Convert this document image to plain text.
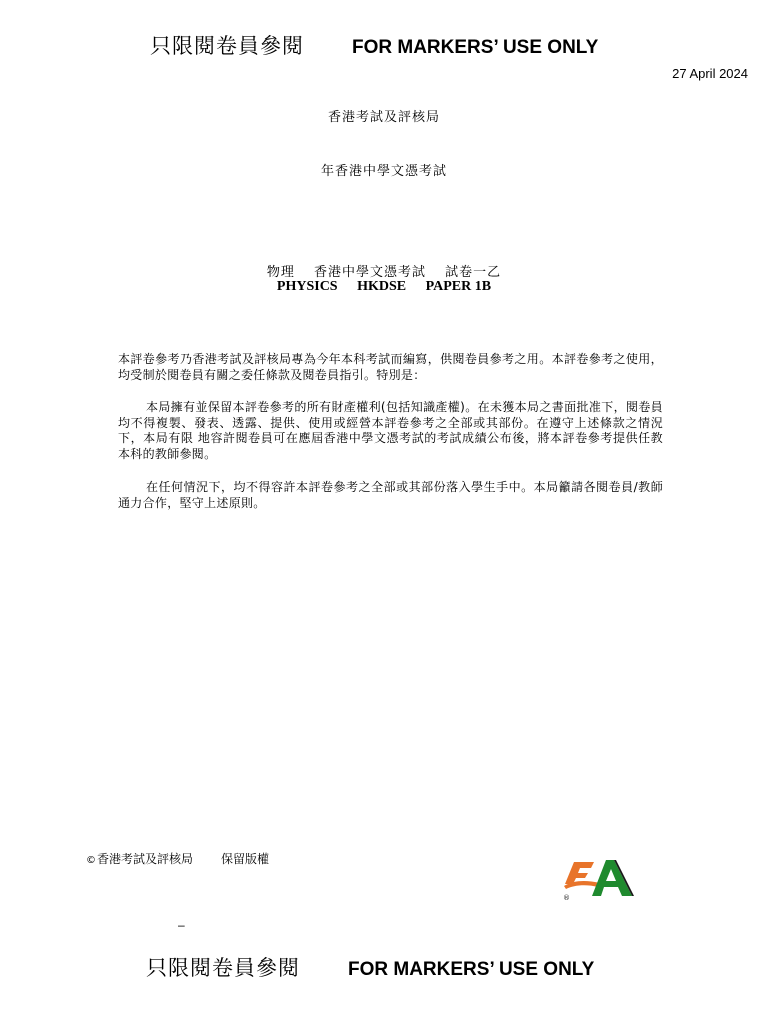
只限閱卷員參閱	FOR MARKERS’ USE ONLY
27 April 2024
香港考試及評核局
年香港中學文憑考試
物理 香港中學文憑考試 試卷一乙
PHYSICS HKDSE PAPER 1B
本評卷參考乃香港考試及評核局專為今年本科考試而編寫，供閱卷員參考之用。本評卷參考之使用，均受制於閱卷員有關之委任條款及閱卷員指引。特別是：
本局擁有並保留本評卷參考的所有財產權利(包括知識產權)。在未獲本局之書面批准下，閱卷員均不得複製、發表、透露、提供、使用或經營本評卷參考之全部或其部份。在遵守上述條款之情況下，本局有限 地容許閱卷員可在應屆香港中學文憑考試的考試成績公布後，將本評卷參考提供任教本科的教師參閱。
在任何情況下，均不得容許本評卷參考之全部或其部份落入學生手中。本局籲請各閱卷員/教師通力合作，堅守上述原則。
©香港考試及評核局 保留版權
®
–
只限閱卷員參閱	FOR MARKERS’ USE ONLY
